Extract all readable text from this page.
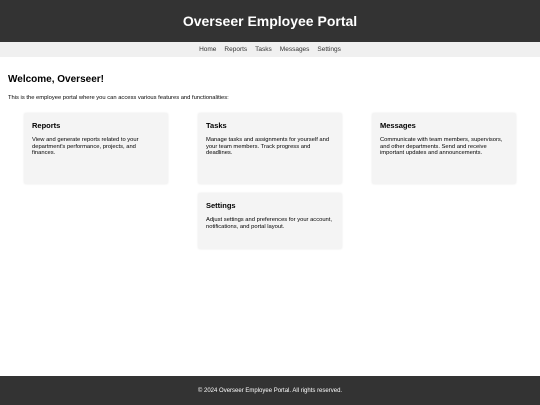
Overseer Employee Portal
Home Reports Tasks Messages Settings
Welcome, Overseer!

This is the employee portal where you can access various features and functionalities:

Reports

View and generate reports related to your department's performance, projects, and finances.

Tasks

Manage tasks and assignments for yourself and your team members. Track progress and deadlines.

Messages

Communicate with team members, supervisors, and other departments. Send and receive important updates and announcements.

Settings

Adjust settings and preferences for your account, notifications, and portal layout.

© 2024 Overseer Employee Portal. All rights reserved.
